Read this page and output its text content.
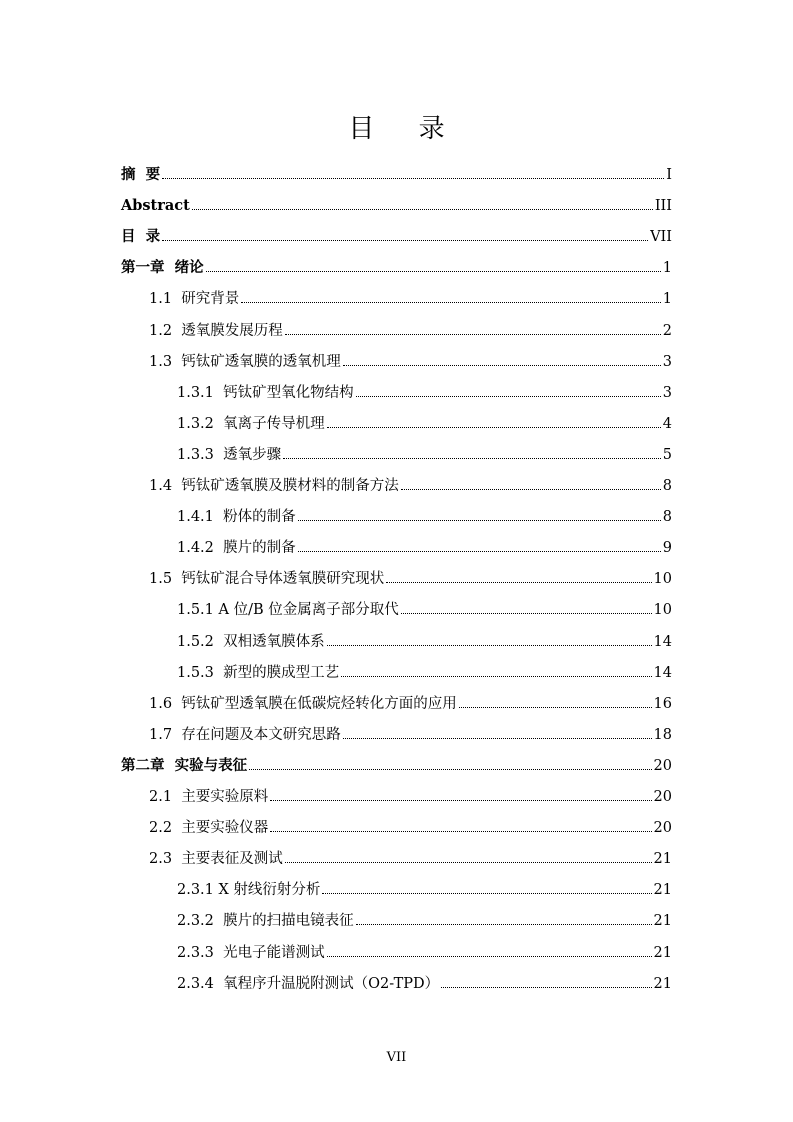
目 录
摘  要	I
Abstract	III
目  录	VII
第一章  绪论	1
1.1  研究背景	1
1.2  透氧膜发展历程	2
1.3  钙钛矿透氧膜的透氧机理	3
1.3.1  钙钛矿型氧化物结构	3
1.3.2  氧离子传导机理	4
1.3.3  透氧步骤	5
1.4  钙钛矿透氧膜及膜材料的制备方法	8
1.4.1  粉体的制备	8
1.4.2  膜片的制备	9
1.5  钙钛矿混合导体透氧膜研究现状	10
1.5.1 A 位/B 位金属离子部分取代	10
1.5.2  双相透氧膜体系	14
1.5.3  新型的膜成型工艺	14
1.6  钙钛矿型透氧膜在低碳烷烃转化方面的应用	16
1.7  存在问题及本文研究思路	18
第二章  实验与表征	20
2.1  主要实验原料	20
2.2  主要实验仪器	20
2.3  主要表征及测试	21
2.3.1 X 射线衍射分析	21
2.3.2  膜片的扫描电镜表征	21
2.3.3  光电子能谱测试	21
2.3.4  氧程序升温脱附测试（O2-TPD）	21
VII
